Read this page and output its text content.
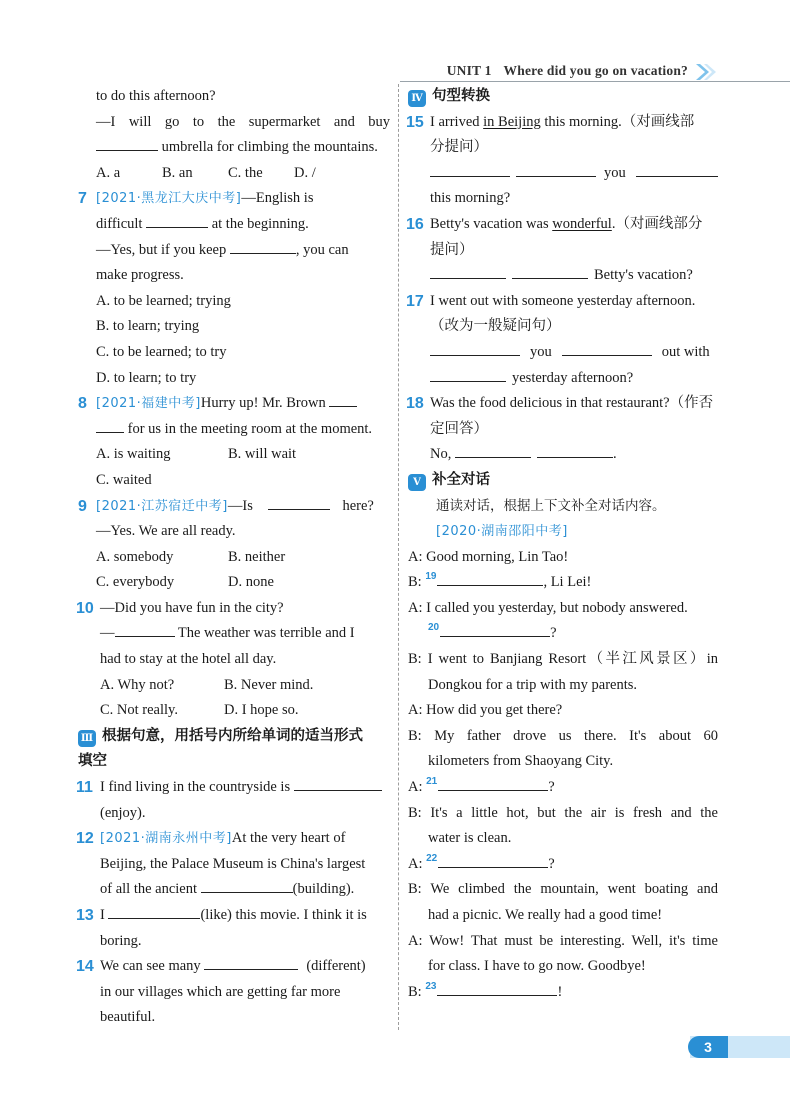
UNIT 1 Where did you go on vacation?
to do this afternoon?
—I will go to the supermarket and buy
umbrella for climbing the mountains.
A. a	B. an C. the D. /
7 [2021·黑龙江大庆中考]—English is
difficult	at the beginning.
—Yes, but if you keep	, you can
make progress.
A. to be learned; trying
B. to learn; trying
C. to be learned; to try
D. to learn; to try
8 [2021·福建中考]Hurry up! Mr. Brown
for us in the meeting room at the moment.
A. is waiting	B. will wait
C. waited
9 [2021·江苏宿迁中考]—Is	here?
—Yes. We are all ready.
A. somebody	B. neither
C. everybody	D. none
10 —Did you have fun in the city?
—	The weather was terrible and I
had to stay at the hotel all day.
A. Why not?	B. Never mind.
C. Not really.	D. I hope so.
Ⅲ 根据句意，用括号内所给单词的适当形式
填空
11 I find living in the countryside is
(enjoy).
12 [2021·湖南永州中考]At the very heart of
Beijing, the Palace Museum is China's largest
of all the ancient	(building).
13 I	(like) this movie. I think it is
boring.
14 We can see many	(different)
in our villages which are getting far more
beautiful.
Ⅳ 句型转换
15 I arrived in Beijing this morning.（对画线部
分提问）
you
this morning?
16 Betty's vacation was wonderful.（对画线部分
提问）
Betty's vacation?
17 I went out with someone yesterday afternoon.
（改为一般疑问句）
you	out with
yesterday afternoon?
18 Was the food delicious in that restaurant?（作否
定回答）
No,	.
Ⅴ 补全对话
通读对话，根据上下文补全对话内容。
[2020·湖南邵阳中考]
A: Good morning, Lin Tao!
B: $^{19}$	, Li Lei!
A: I called you yesterday, but nobody answered.
$^{20}$	?
B: I went to Banjiang Resort（半江风景区）in
Dongkou for a trip with my parents.
A: How did you get there?
B: My father drove us there. It's about 60
kilometers from Shaoyang City.
A: $^{21}$	?
B: It's a little hot, but the air is fresh and the
water is clean.
A: $^{22}$	?
B: We climbed the mountain, went boating and
had a picnic. We really had a good time!
A: Wow! That must be interesting. Well, it's time
for class. I have to go now. Goodbye!
B: $^{23}$	!
3
